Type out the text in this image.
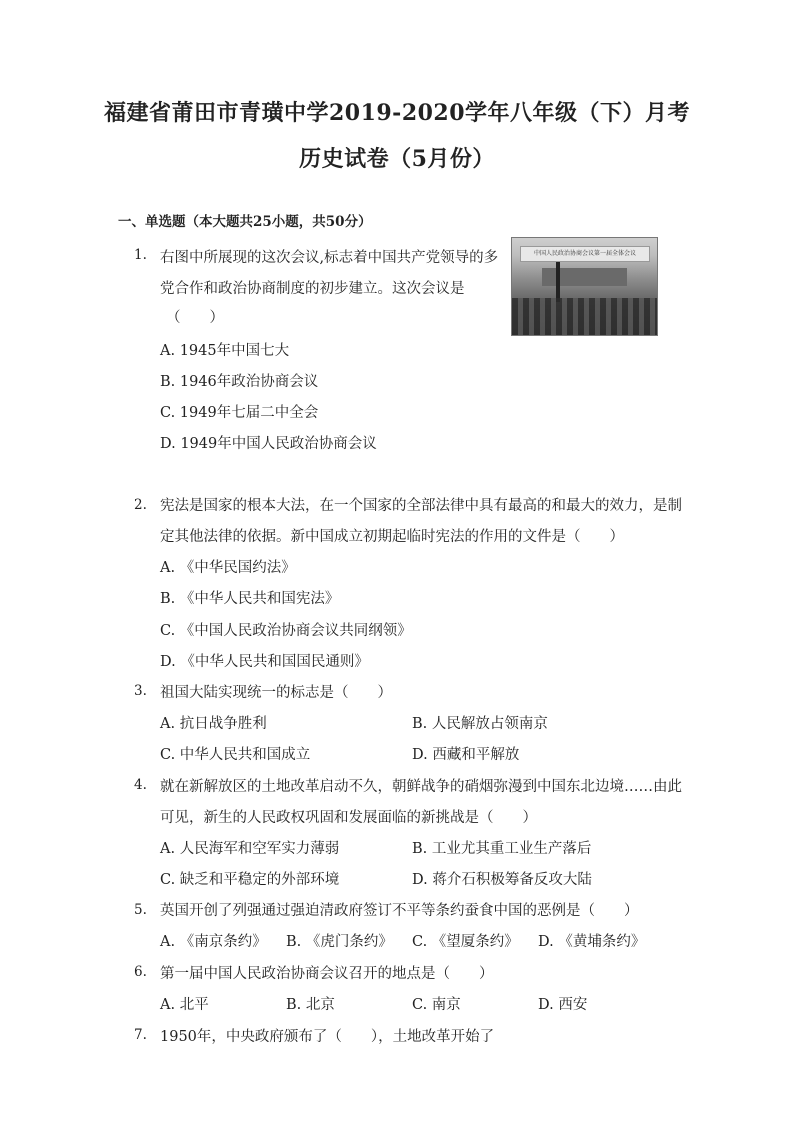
福建省莆田市青璜中学2019-2020学年八年级（下）月考
历史试卷（5月份）
一、单选题（本大题共25小题，共50分）
1. 右图中所展现的这次会议,标志着中国共产党领导的多
党合作和政治协商制度的初步建立。这次会议是
（　　）
中国人民政治协商会议第一届全体会议
A. 1945年中国七大
B. 1946年政治协商会议
C. 1949年七届二中全会
D. 1949年中国人民政治协商会议
2. 宪法是国家的根本大法，在一个国家的全部法律中具有最高的和最大的效力，是制
定其他法律的依据。新中国成立初期起临时宪法的作用的文件是（　　）
A. 《中华民国约法》
B. 《中华人民共和国宪法》
C. 《中国人民政治协商会议共同纲领》
D. 《中华人民共和国国民通则》
3. 祖国大陆实现统一的标志是（　　）
A. 抗日战争胜利	B. 人民解放占领南京
C. 中华人民共和国成立	D. 西藏和平解放
4. 就在新解放区的土地改革启动不久，朝鲜战争的硝烟弥漫到中国东北边境……由此
可见，新生的人民政权巩固和发展面临的新挑战是（　　）
A. 人民海军和空军实力薄弱	B. 工业尤其重工业生产落后
C. 缺乏和平稳定的外部环境	D. 蒋介石积极筹备反攻大陆
5. 英国开创了列强通过强迫清政府签订不平等条约蚕食中国的恶例是（　　）
A. 《南京条约》 B. 《虎门条约》 C. 《望厦条约》 D. 《黄埔条约》
6. 第一届中国人民政治协商会议召开的地点是（　　）
A. 北平	B. 北京	C. 南京	D. 西安
7. 1950年，中央政府颁布了（　　），土地改革开始了
